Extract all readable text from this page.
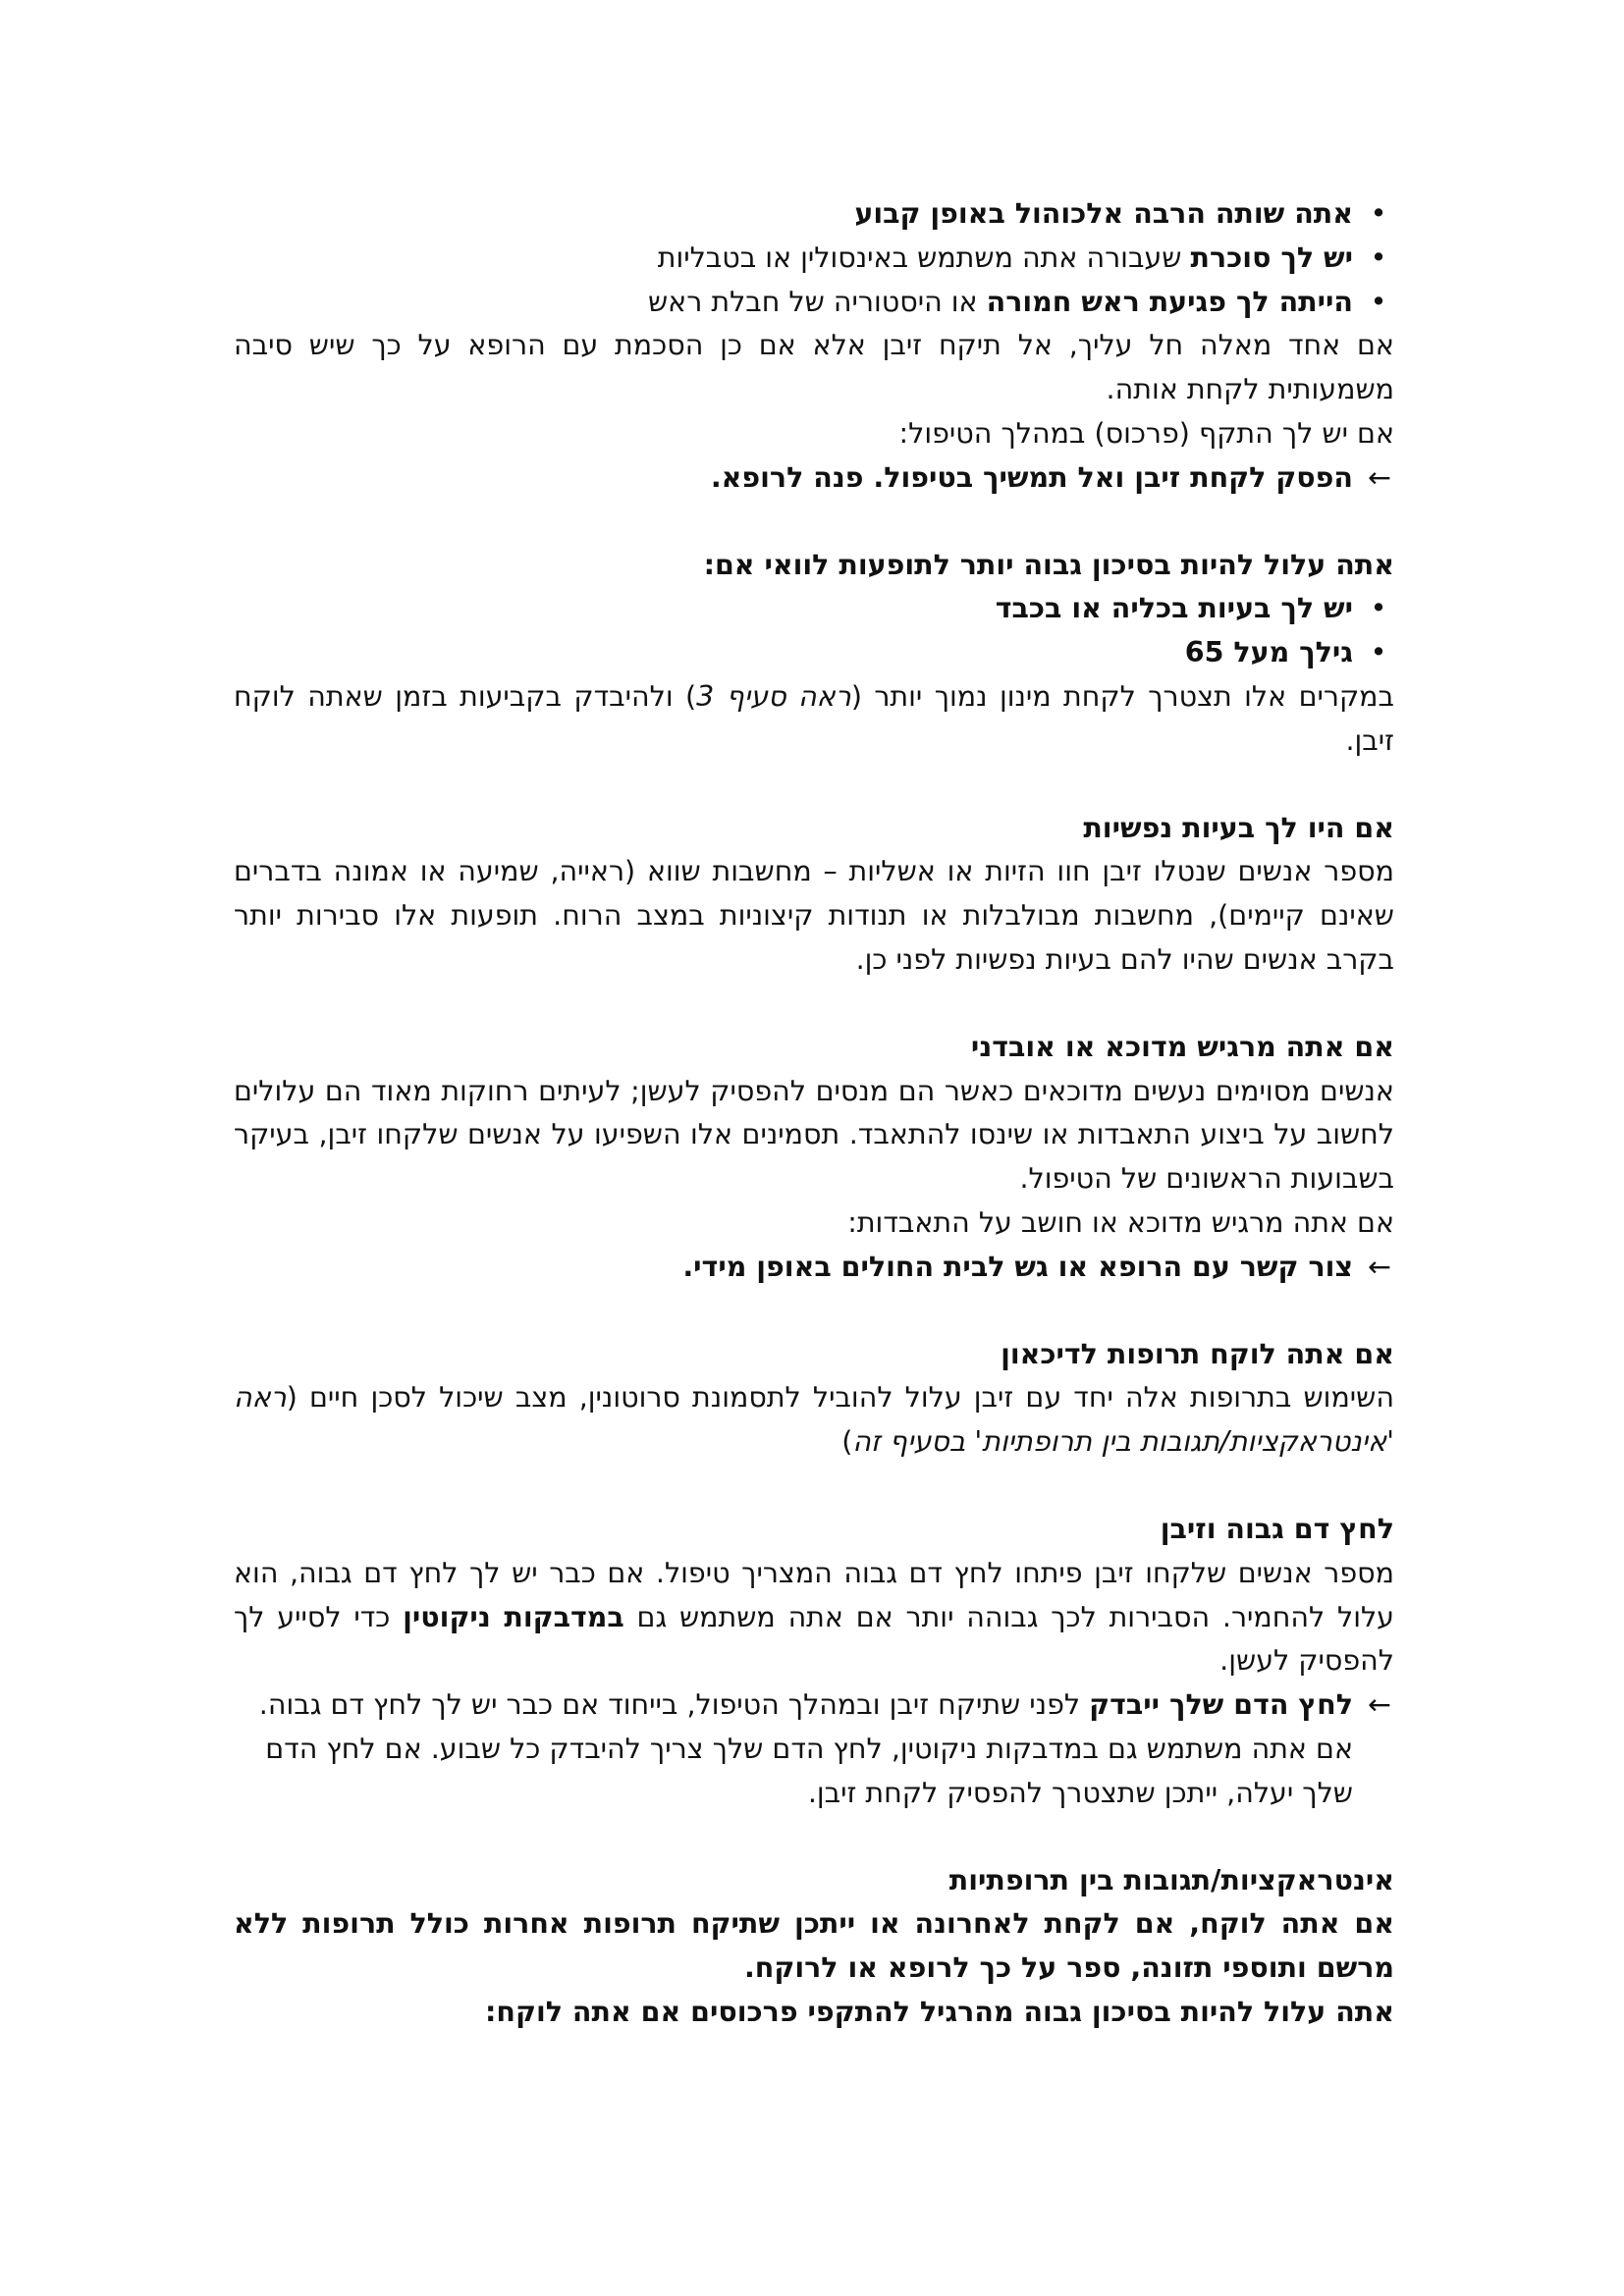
•
אתה שותה הרבה אלכוהול באופן קבוע
•
יש לך סוכרת שעבורה אתה משתמש באינסולין או בטבליות
•
הייתה לך פגיעת ראש חמורה או היסטוריה של חבלת ראש

אם אחד מאלה חל עליך, אל תיקח זיבן אלא אם כן הסכמת עם הרופא על כך שיש סיבה משמעותית לקחת אותה.

אם יש לך התקף (פרכוס) במהלך הטיפול:

←
הפסק לקחת זיבן ואל תמשיך בטיפול. פנה לרופא.

אתה עלול להיות בסיכון גבוה יותר לתופעות לוואי אם:

•
יש לך בעיות בכליה או בכבד
•
גילך מעל 65

במקרים אלו תצטרך לקחת מינון נמוך יותר (ראה סעיף 3) ולהיבדק בקביעות בזמן שאתה לוקח זיבן.

אם היו לך בעיות נפשיות

מספר אנשים שנטלו זיבן חוו הזיות או אשליות – מחשבות שווא (ראייה, שמיעה או אמונה בדברים שאינם קיימים), מחשבות מבולבלות או תנודות קיצוניות במצב הרוח. תופעות אלו סבירות יותר בקרב אנשים שהיו להם בעיות נפשיות לפני כן.

אם אתה מרגיש מדוכא או אובדני

אנשים מסוימים נעשים מדוכאים כאשר הם מנסים להפסיק לעשן; לעיתים רחוקות מאוד הם עלולים לחשוב על ביצוע התאבדות או שינסו להתאבד. תסמינים אלו השפיעו על אנשים שלקחו זיבן, בעיקר בשבועות הראשונים של הטיפול.

אם אתה מרגיש מדוכא או חושב על התאבדות:

←
צור קשר עם הרופא או גש לבית החולים באופן מידי.

אם אתה לוקח תרופות לדיכאון

השימוש בתרופות אלה יחד עם זיבן עלול להוביל לתסמונת סרוטונין, מצב שיכול לסכן חיים (ראה 'אינטראקציות/תגובות בין תרופתיות' בסעיף זה)

לחץ דם גבוה וזיבן

מספר אנשים שלקחו זיבן פיתחו לחץ דם גבוה המצריך טיפול. אם כבר יש לך לחץ דם גבוה, הוא עלול להחמיר. הסבירות לכך גבוהה יותר אם אתה משתמש גם במדבקות ניקוטין כדי לסייע לך להפסיק לעשן.

←
לחץ הדם שלך ייבדק לפני שתיקח זיבן ובמהלך הטיפול, בייחוד אם כבר יש לך לחץ דם גבוה. אם אתה משתמש גם במדבקות ניקוטין, לחץ הדם שלך צריך להיבדק כל שבוע. אם לחץ הדם שלך יעלה, ייתכן שתצטרך להפסיק לקחת זיבן.

אינטראקציות/תגובות בין תרופתיות

אם אתה לוקח, אם לקחת לאחרונה או ייתכן שתיקח תרופות אחרות כולל תרופות ללא מרשם ותוספי תזונה, ספר על כך לרופא או לרוקח.

אתה עלול להיות בסיכון גבוה מהרגיל להתקפי פרכוסים אם אתה לוקח:
